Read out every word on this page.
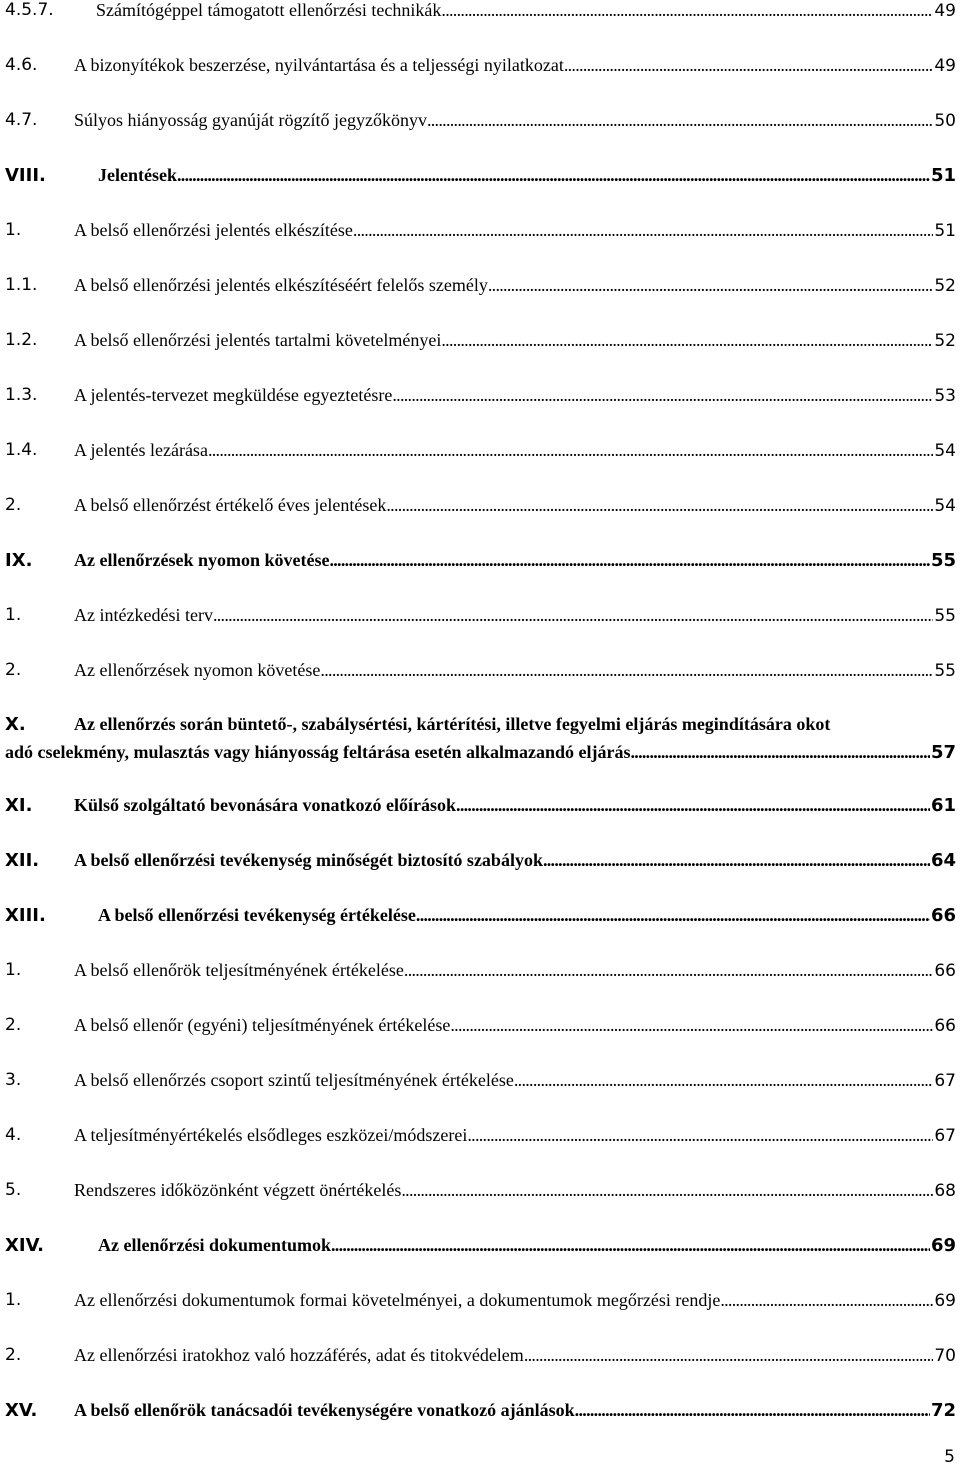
4.5.7. Számítógéppel támogatott ellenőrzési technikák . . .	49
4.6. A bizonyítékok beszerzése, nyilvántartása és a teljességi nyilatkozat . . .	49
4.7. Súlyos hiányosság gyanúját rögzítő jegyzőkönyv . . .	50
VIII.	Jelentések . . .	51
1.	A belső ellenőrzési jelentés elkészítése . . .	51
1.1. A belső ellenőrzési jelentés elkészítéséért felelős személy . . .	52
1.2. A belső ellenőrzési jelentés tartalmi követelményei . . .	52
1.3. A jelentés-tervezet megküldése egyeztetésre . . .	53
1.4. A jelentés lezárása . . .	54
2.	A belső ellenőrzést értékelő éves jelentések . . .	54
IX. Az ellenőrzések nyomon követése . . .	55
1.	Az intézkedési terv . . .	55
2.	Az ellenőrzések nyomon követése . . .	55
X.	Az ellenőrzés során büntető-, szabálysértési, kártérítési, illetve fegyelmi eljárás megindítására okot
adó cselekmény, mulasztás vagy hiányosság feltárása esetén alkalmazandó eljárás . . .	57
XI. Külső szolgáltató bevonására vonatkozó előírások . . .	61
XII. A belső ellenőrzési tevékenység minőségét biztosító szabályok . . .	64
XIII.	A belső ellenőrzési tevékenység értékelése . . .	66
1.	A belső ellenőrök teljesítményének értékelése . . .	66
2.	A belső ellenőr (egyéni) teljesítményének értékelése . . .	66
3.	A belső ellenőrzés csoport szintű teljesítményének értékelése . . .	67
4.	A teljesítményértékelés elsődleges eszközei/módszerei . . .	67
5.	Rendszeres időközönként végzett önértékelés . . .	68
XIV.	Az ellenőrzési dokumentumok . . .	69
1.	Az ellenőrzési dokumentumok formai követelményei, a dokumentumok megőrzési rendje . . .	69
2.	Az ellenőrzési iratokhoz való hozzáférés, adat és titokvédelem . . .	70
XV. A belső ellenőrök tanácsadói tevékenységére vonatkozó ajánlások . . .	72
5
